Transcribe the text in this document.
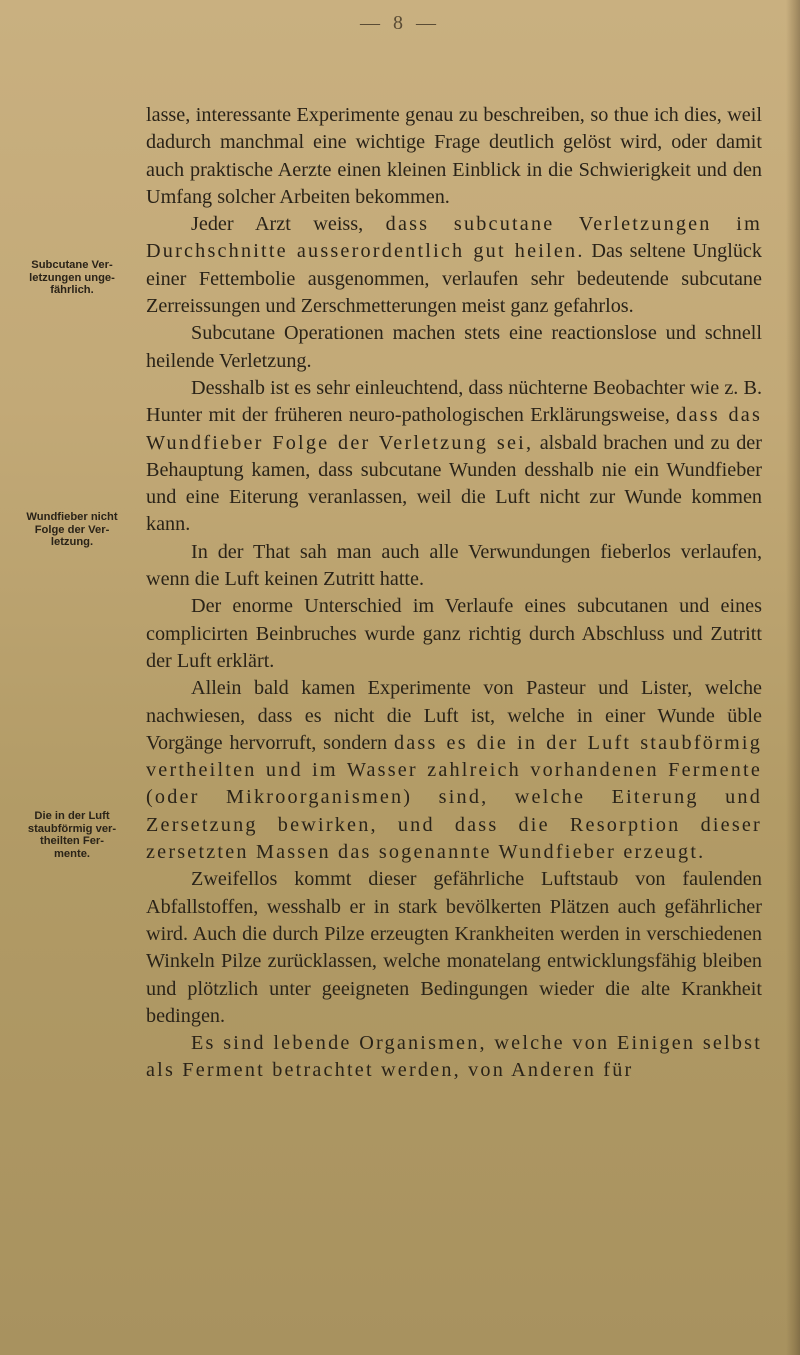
— 8 —
Subcutane Ver-
letzungen unge-
fährlich.
Wundfieber nicht
Folge der Ver-
letzung.
Die in der Luft
staubförmig ver-
theilten Fer-
mente.

lasse, interessante Experimente genau zu beschreiben, so thue ich dies, weil dadurch manchmal eine wichtige Frage deutlich gelöst wird, oder damit auch praktische Aerzte einen kleinen Einblick in die Schwierigkeit und den Umfang solcher Arbeiten bekommen.

Jeder Arzt weiss, dass subcutane Verletzungen im Durchschnitte ausserordentlich gut heilen. Das seltene Unglück einer Fettembolie ausgenommen, verlaufen sehr bedeutende subcutane Zerreissungen und Zerschmetterungen meist ganz gefahrlos.

Subcutane Operationen machen stets eine reactionslose und schnell heilende Verletzung.

Desshalb ist es sehr einleuchtend, dass nüchterne Beobachter wie z. B. Hunter mit der früheren neuro-pathologischen Erklärungsweise, dass das Wundfieber Folge der Verletzung sei, alsbald brachen und zu der Behauptung kamen, dass subcutane Wunden desshalb nie ein Wundfieber und eine Eiterung veranlassen, weil die Luft nicht zur Wunde kommen kann.

In der That sah man auch alle Verwundungen fieberlos verlaufen, wenn die Luft keinen Zutritt hatte.

Der enorme Unterschied im Verlaufe eines subcutanen und eines complicirten Beinbruches wurde ganz richtig durch Abschluss und Zutritt der Luft erklärt.

Allein bald kamen Experimente von Pasteur und Lister, welche nachwiesen, dass es nicht die Luft ist, welche in einer Wunde üble Vorgänge hervorruft, sondern dass es die in der Luft staubförmig vertheilten und im Wasser zahlreich vorhandenen Fermente (oder Mikroorganismen) sind, welche Eiterung und Zersetzung bewirken, und dass die Resorption dieser zersetzten Massen das sogenannte Wundfieber erzeugt.

Zweifellos kommt dieser gefährliche Luftstaub von faulenden Abfallstoffen, wesshalb er in stark bevölkerten Plätzen auch gefährlicher wird. Auch die durch Pilze erzeugten Krankheiten werden in verschiedenen Winkeln Pilze zurücklassen, welche monatelang entwicklungsfähig bleiben und plötzlich unter geeigneten Bedingungen wieder die alte Krankheit bedingen.

Es sind lebende Organismen, welche von Einigen selbst als Ferment betrachtet werden, von Anderen für
